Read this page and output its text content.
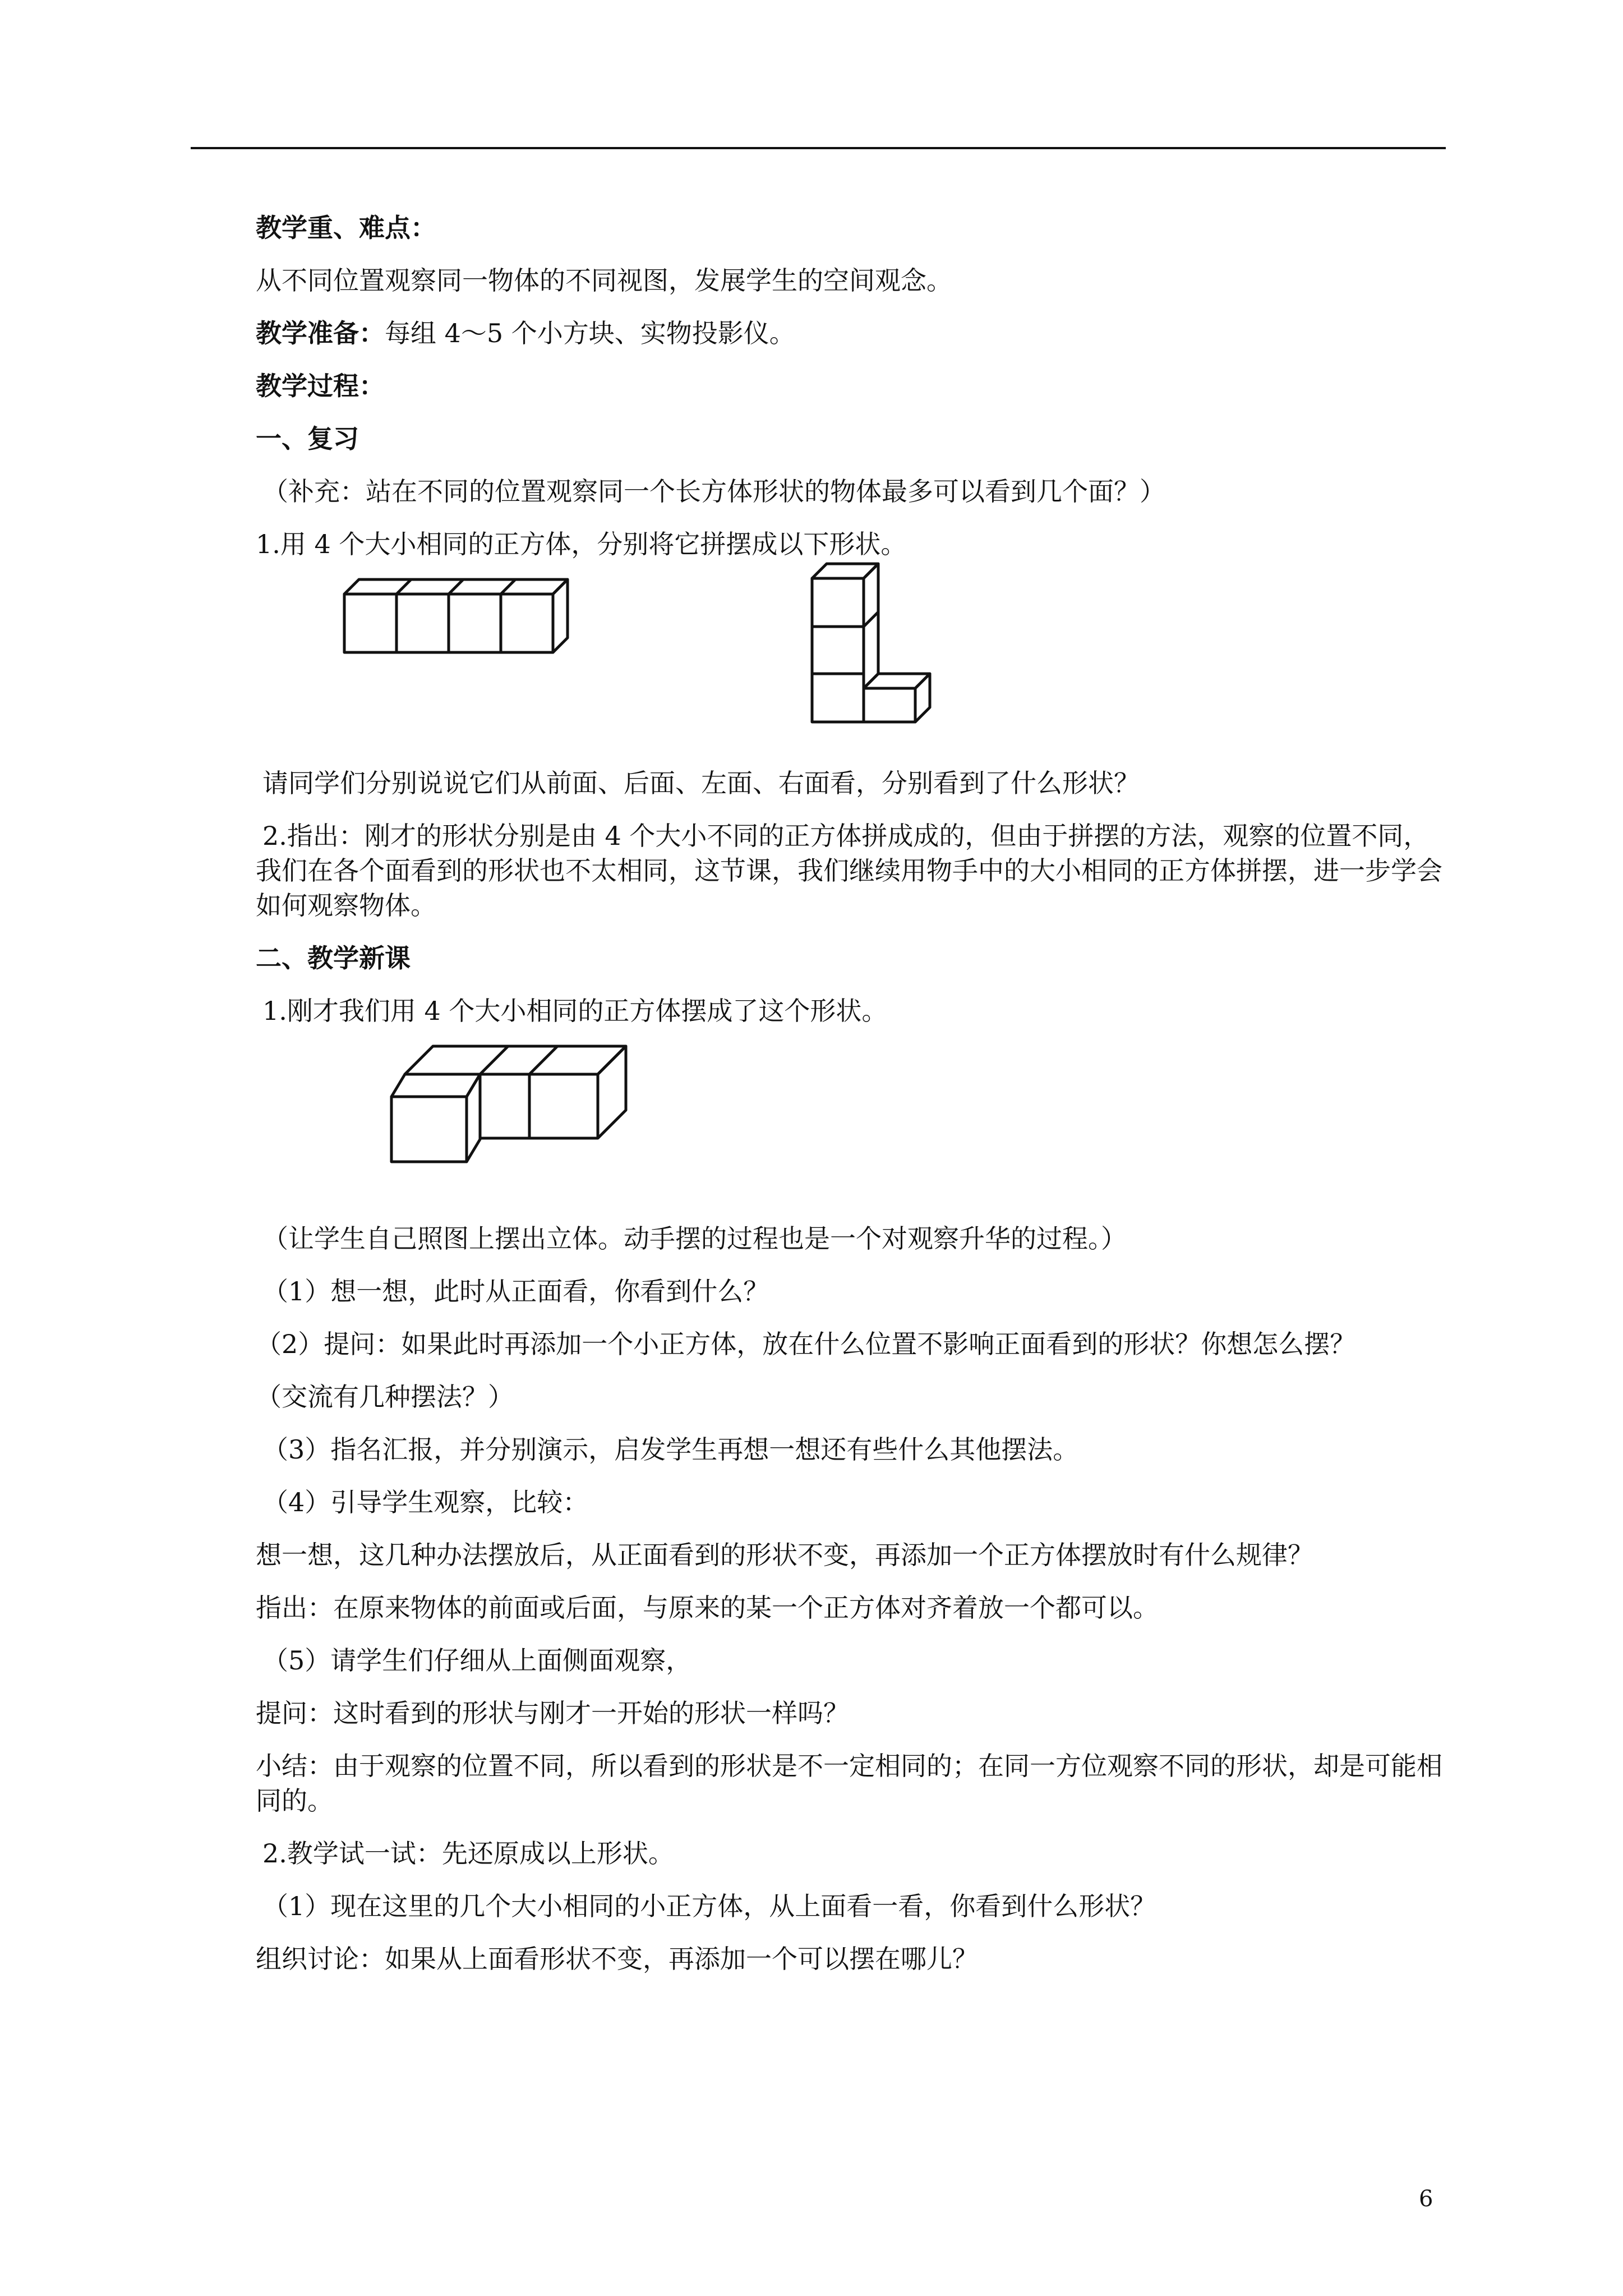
教学重、难点：
从不同位置观察同一物体的不同视图，发展学生的空间观念。
教学准备：每组 4～5 个小方块、实物投影仪。
教学过程：
一、复习
（补充：站在不同的位置观察同一个长方体形状的物体最多可以看到几个面？）
1.用 4 个大小相同的正方体，分别将它拼摆成以下形状。
请同学们分别说说它们从前面、后面、左面、右面看，分别看到了什么形状？
2.指出：刚才的形状分别是由 4 个大小不同的正方体拼成成的，但由于拼摆的方法，观察的位置不同，我们在各个面看到的形状也不太相同，这节课，我们继续用物手中的大小相同的正方体拼摆，进一步学会如何观察物体。
二、教学新课
1.刚才我们用 4 个大小相同的正方体摆成了这个形状。
（让学生自己照图上摆出立体。动手摆的过程也是一个对观察升华的过程。）
（1）想一想，此时从正面看，你看到什么？
（2）提问：如果此时再添加一个小正方体，放在什么位置不影响正面看到的形状？你想怎么摆？
（交流有几种摆法？）
（3）指名汇报，并分别演示，启发学生再想一想还有些什么其他摆法。
（4）引导学生观察，比较：
想一想，这几种办法摆放后，从正面看到的形状不变，再添加一个正方体摆放时有什么规律？
指出：在原来物体的前面或后面，与原来的某一个正方体对齐着放一个都可以。
（5）请学生们仔细从上面侧面观察，
提问：这时看到的形状与刚才一开始的形状一样吗？
小结：由于观察的位置不同，所以看到的形状是不一定相同的；在同一方位观察不同的形状，却是可能相同的。
2.教学试一试：先还原成以上形状。
（1）现在这里的几个大小相同的小正方体，从上面看一看，你看到什么形状？
组织讨论：如果从上面看形状不变，再添加一个可以摆在哪儿？
6
